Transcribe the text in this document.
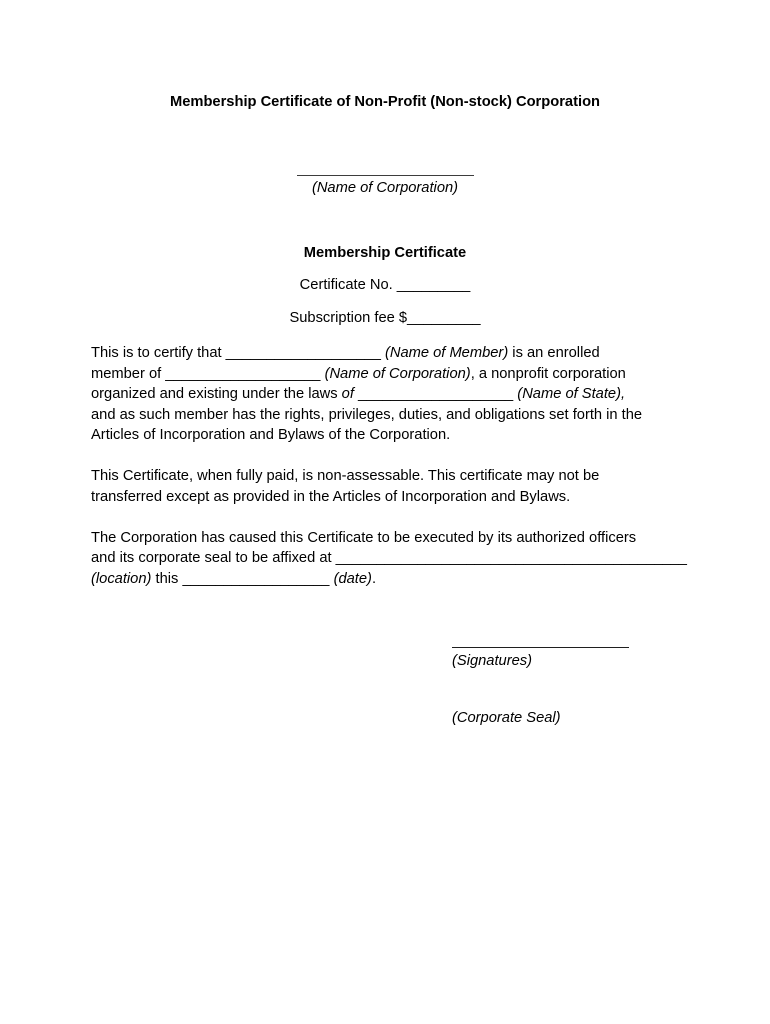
Membership Certificate of Non-Profit (Non-stock) Corporation
(Name of Corporation)
Membership Certificate
Certificate No. _________
Subscription fee $_________

This is to certify that ___________________ (Name of Member) is an enrolled
member of ___________________ (Name of Corporation), a nonprofit corporation
organized and existing under the laws of ___________________ (Name of State),
and as such member has the rights, privileges, duties, and obligations set forth in the
Articles of Incorporation and Bylaws of the Corporation.

This Certificate, when fully paid, is non-assessable. This certificate may not be
transferred except as provided in the Articles of Incorporation and Bylaws.

The Corporation has caused this Certificate to be executed by its authorized officers
and its corporate seal to be affixed at ___________________________________________
(location) this __________________ (date).

(Signatures)
(Corporate Seal)
